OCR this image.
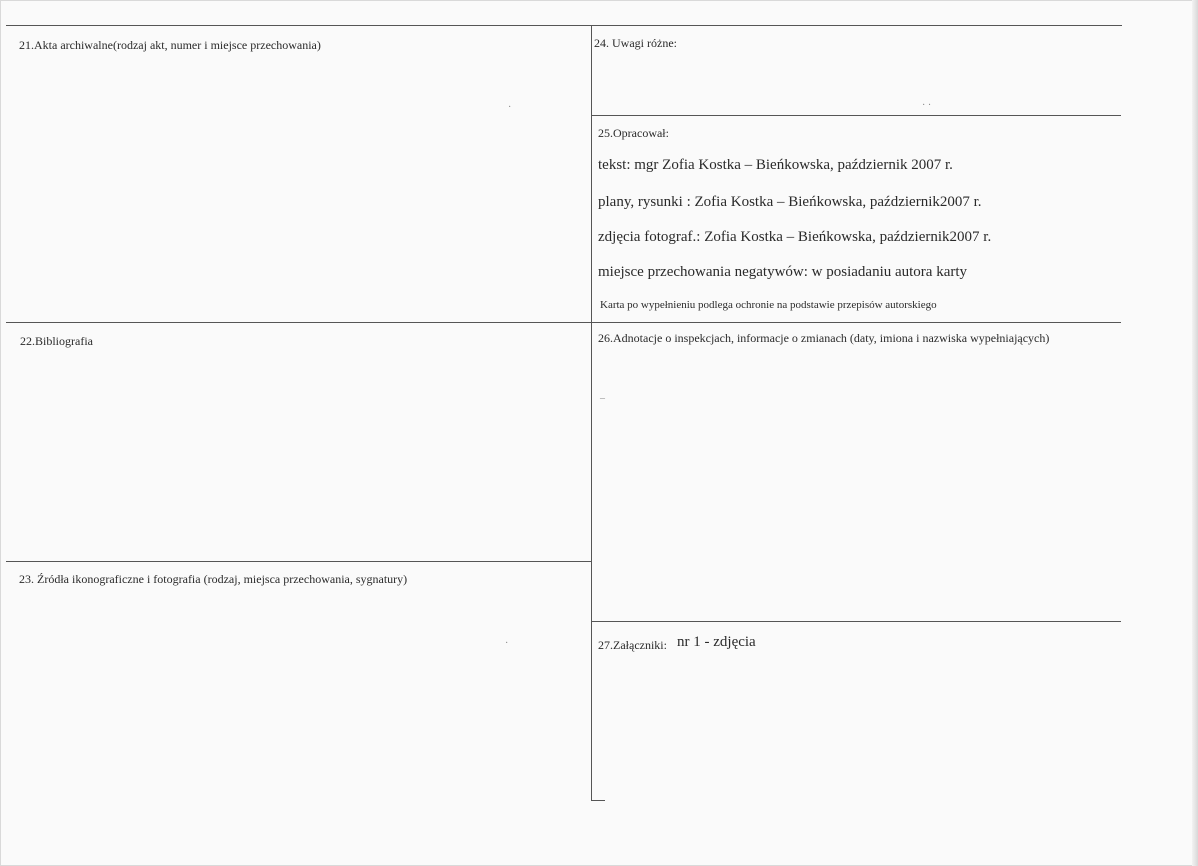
21.Akta archiwalne(rodzaj akt, numer i miejsce przechowania)
22.Bibliografia
23. Źródła ikonograficzne i fotografia (rodzaj, miejsca przechowania, sygnatury)
24. Uwagi różne:
25.Opracował:
tekst: mgr Zofia Kostka – Bieńkowska, październik 2007 r.
plany, rysunki : Zofia Kostka – Bieńkowska, październik2007 r.
zdjęcia fotograf.: Zofia Kostka – Bieńkowska, październik2007 r.
miejsce przechowania negatywów: w posiadaniu autora karty
Karta po wypełnieniu podlega ochronie na podstawie przepisów autorskiego
26.Adnotacje o inspekcjach, informacje o zmianach (daty, imiona i nazwiska wypełniających)
27.Załączniki: nr 1 - zdjęcia
· ·
·
–
·
